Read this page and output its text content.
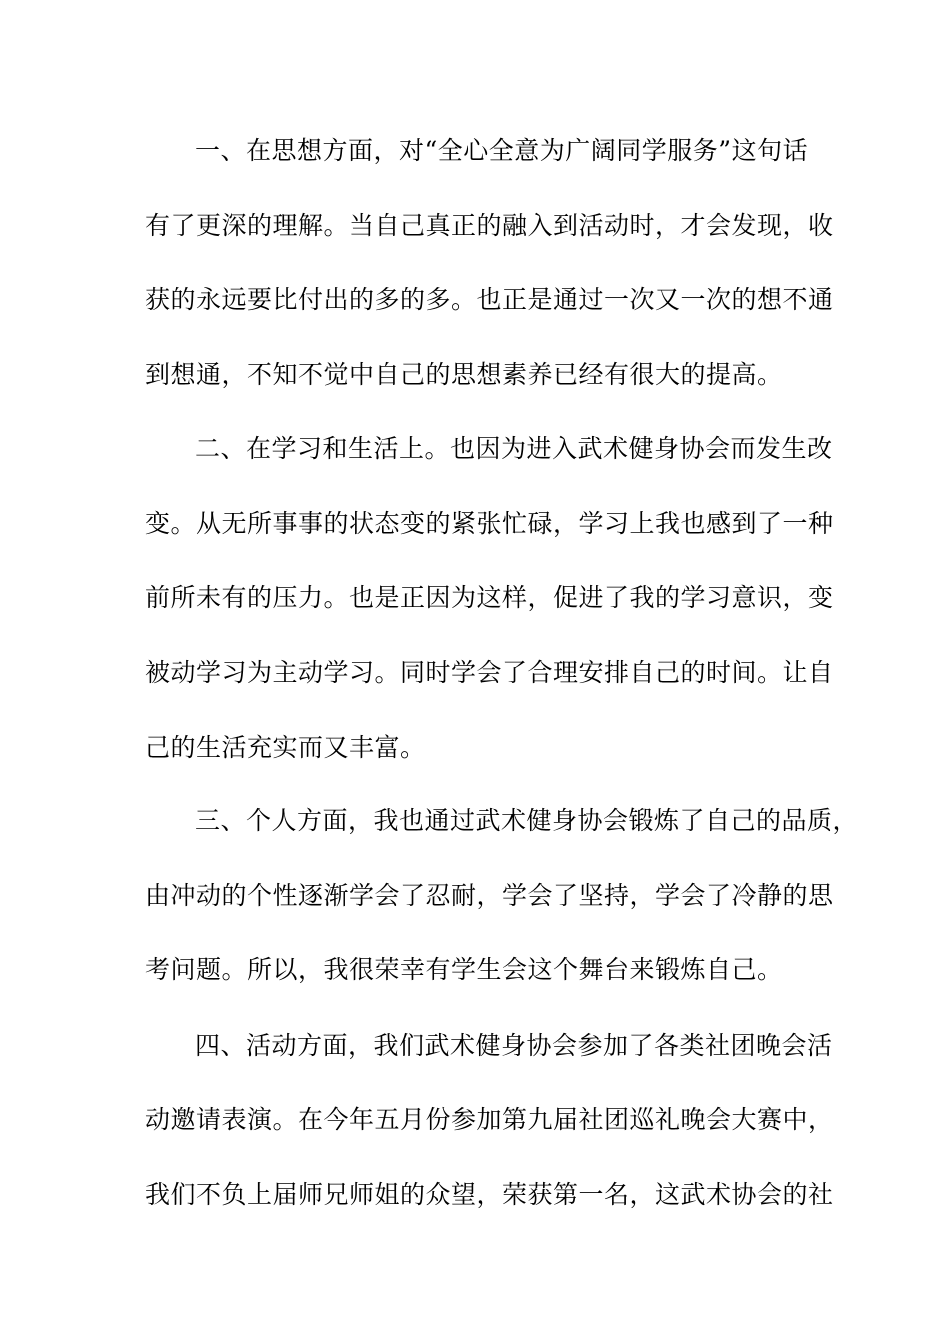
一、在思想方面，对“全心全意为广阔同学服务”这句话
有了更深的理解。当自己真正的融入到活动时，才会发现，收
获的永远要比付出的多的多。也正是通过一次又一次的想不通
到想通，不知不觉中自己的思想素养已经有很大的提高。
二、在学习和生活上。也因为进入武术健身协会而发生改
变。从无所事事的状态变的紧张忙碌，学习上我也感到了一种
前所未有的压力。也是正因为这样，促进了我的学习意识，变
被动学习为主动学习。同时学会了合理安排自己的时间。让自
己的生活充实而又丰富。
三、个人方面，我也通过武术健身协会锻炼了自己的品质，
由冲动的个性逐渐学会了忍耐，学会了坚持，学会了冷静的思
考问题。所以，我很荣幸有学生会这个舞台来锻炼自己。
四、活动方面，我们武术健身协会参加了各类社团晚会活
动邀请表演。在今年五月份参加第九届社团巡礼晚会大赛中，
我们不负上届师兄师姐的众望，荣获第一名，这武术协会的社
